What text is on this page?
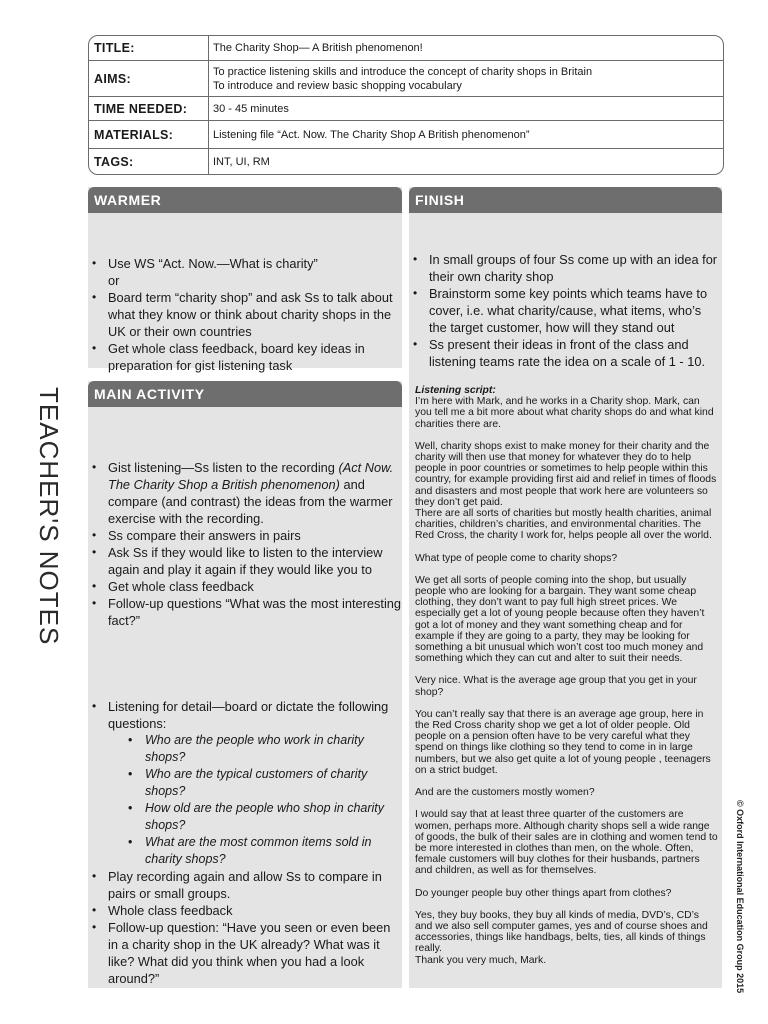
TITLE:	The Charity Shop— A British phenomenon!
AIMS:	To practice listening skills and introduce the concept of charity shops in Britain
To introduce and review basic shopping vocabulary
TIME NEEDED:	30 - 45 minutes
MATERIALS:	Listening file “Act. Now. The Charity Shop A British phenomenon”
TAGS:	INT, UI, RM
TEACHER'S NOTES
© Oxford International Education Group 2015
WARMER
• Use WS “Act. Now.—What is charity”
or
• Board term “charity shop” and ask Ss to talk about what they know or think about charity shops in the UK or their own countries
• Get whole class feedback, board key ideas in preparation for gist listening task
MAIN ACTIVITY
• Gist listening—Ss listen to the recording (Act Now. The Charity Shop a British phenomenon) and compare (and contrast) the ideas from the warmer exercise with the recording.
• Ss compare their answers in pairs
• Ask Ss if they would like to listen to the interview again and play it again if they would like you to
• Get whole class feedback
• Follow-up questions “What was the most interesting fact?”
• Listening for detail—board or dictate the following questions:
• Who are the people who work in charity shops?
• Who are the typical customers of charity shops?
• How old are the people who shop in charity shops?
• What are the most common items sold in charity shops?
• Play recording again and allow Ss to compare in pairs or small groups.
• Whole class feedback
• Follow-up question: “Have you seen or even been in a charity shop in the UK already? What was it like? What did you think when you had a look around?”
FINISH
• In small groups of four Ss come up with an idea for their own charity shop
• Brainstorm some key points which teams have to cover, i.e. what charity/cause, what items, who’s the target customer, how will they stand out
• Ss present their ideas in front of the class and listening teams rate the idea on a scale of 1 - 10.

Listening script:
I’m here with Mark, and he works in a Charity shop. Mark, can you tell me a bit more about what charity shops do and what kind charities there are.

Well, charity shops exist to make money for their charity and the charity will then use that money for whatever they do to help people in poor countries or sometimes to help people within this country, for example providing first aid and relief in times of floods and disasters and most people that work here are volunteers so they don’t get paid.

There are all sorts of charities but mostly health charities, animal charities, children’s charities, and environmental charities. The Red Cross, the charity I work for, helps people all over the world.

What type of people come to charity shops?

We get all sorts of people coming into the shop, but usually people who are looking for a bargain. They want some cheap clothing, they don’t want to pay full high street prices. We especially get a lot of young people because often they haven’t got a lot of money and they want something cheap and for example if they are going to a party, they may be looking for something a bit unusual which won’t cost too much money and something which they can cut and alter to suit their needs.

Very nice. What is the average age group that you get in your shop?

You can’t really say that there is an average age group, here in the Red Cross charity shop we get a lot of older people. Old people on a pension often have to be very careful what they spend on things like clothing so they tend to come in in large numbers, but we also get quite a lot of young people , teenagers on a strict budget.

And are the customers mostly women?

I would say that at least three quarter of the customers are women, perhaps more. Although charity shops sell a wide range of goods, the bulk of their sales are in clothing and women tend to be more interested in clothes than men, on the whole. Often, female customers will buy clothes for their husbands, partners and children, as well as for themselves.

Do younger people buy other things apart from clothes?

Yes, they buy books, they buy all kinds of media, DVD’s, CD’s and we also sell computer games, yes and of course shoes and accessories, things like handbags, belts, ties, all kinds of things really.

Thank you very much, Mark.
